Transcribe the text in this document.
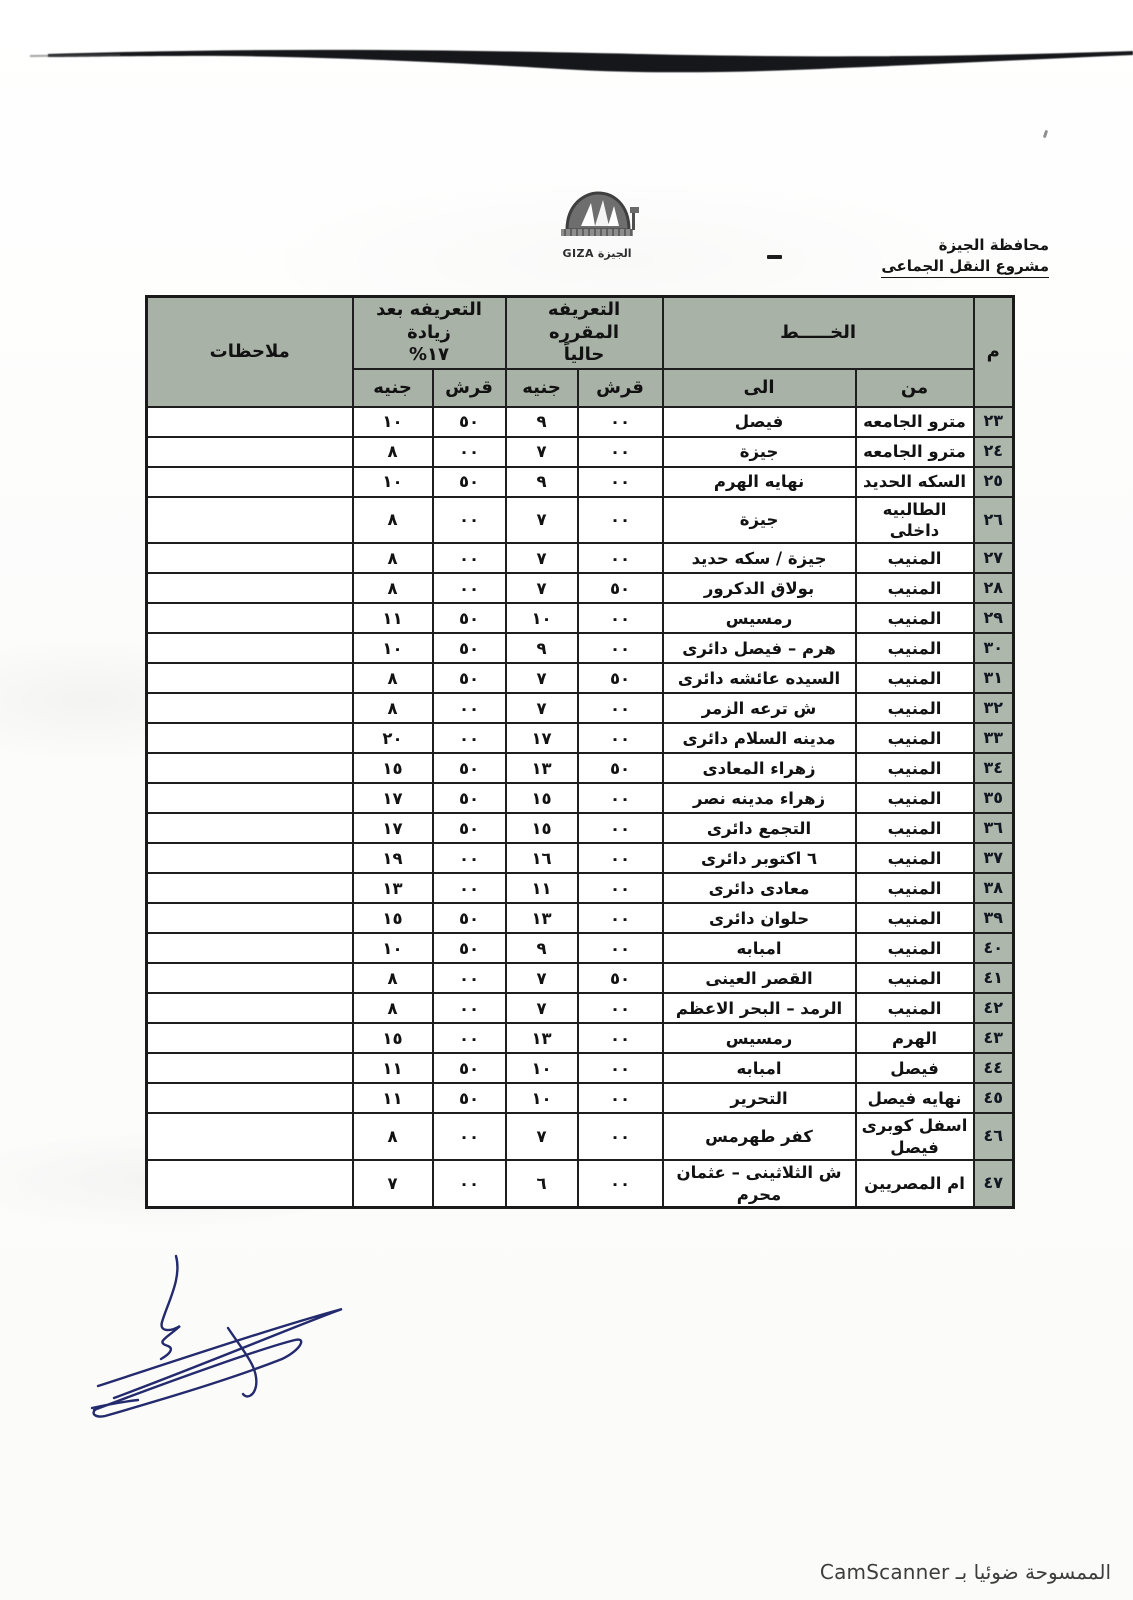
الجيزة GIZA	محافظة الجيزة
مشروع النقل الجماعى
م	الخـــــط	
التعريفه المقرره
حالياً

التعريفه بعد زيادة
١٧%
	ملاحظات
	من	الى	قرش	جنيه	قرش	جنيه	
٢٣	مترو الجامعه	فيصل	٠٠	٩	٥٠	١٠	
٢٤	مترو الجامعه	جيزة	٠٠	٧	٠٠	٨	
٢٥	السكه الحديد	نهايه الهرم	٠٠	٩	٥٠	١٠	
٢٦	الطالبيه داخلى	جيزة	٠٠	٧	٠٠	٨	
٢٧	المنيب	جيزة / سكه حديد	٠٠	٧	٠٠	٨	
٢٨	المنيب	بولاق الدكرور	٥٠	٧	٠٠	٨	
٢٩	المنيب	رمسيس	٠٠	١٠	٥٠	١١	
٣٠	المنيب	هرم – فيصل دائرى	٠٠	٩	٥٠	١٠	
٣١	المنيب	السيده عائشه دائرى	٥٠	٧	٥٠	٨	
٣٢	المنيب	ش ترعه الزمر	٠٠	٧	٠٠	٨	
٣٣	المنيب	مدينه السلام دائرى	٠٠	١٧	٠٠	٢٠	
٣٤	المنيب	زهراء المعادى	٥٠	١٣	٥٠	١٥	
٣٥	المنيب	زهراء مدينه نصر	٠٠	١٥	٥٠	١٧	
٣٦	المنيب	التجمع دائرى	٠٠	١٥	٥٠	١٧	
٣٧	المنيب	٦ اكتوبر دائرى	٠٠	١٦	٠٠	١٩	
٣٨	المنيب	معادى دائرى	٠٠	١١	٠٠	١٣	
٣٩	المنيب	حلوان دائرى	٠٠	١٣	٥٠	١٥	
٤٠	المنيب	امبابه	٠٠	٩	٥٠	١٠	
٤١	المنيب	القصر العينى	٥٠	٧	٠٠	٨	
٤٢	المنيب	الرمد – البحر الاعظم	٠٠	٧	٠٠	٨	
٤٣	الهرم	رمسيس	٠٠	١٣	٠٠	١٥	
٤٤	فيصل	امبابه	٠٠	١٠	٥٠	١١	
٤٥	نهايه فيصل	التحرير	٠٠	١٠	٥٠	١١	
٤٦	اسفل كوبرى فيصل	كفر طهرمس	٠٠	٧	٠٠	٨	
٤٧	ام المصريين	ش الثلاثينى – عثمان محرم	٠٠	٦	٠٠	٧	
الممسوحة ضوئيا بـ CamScanner
